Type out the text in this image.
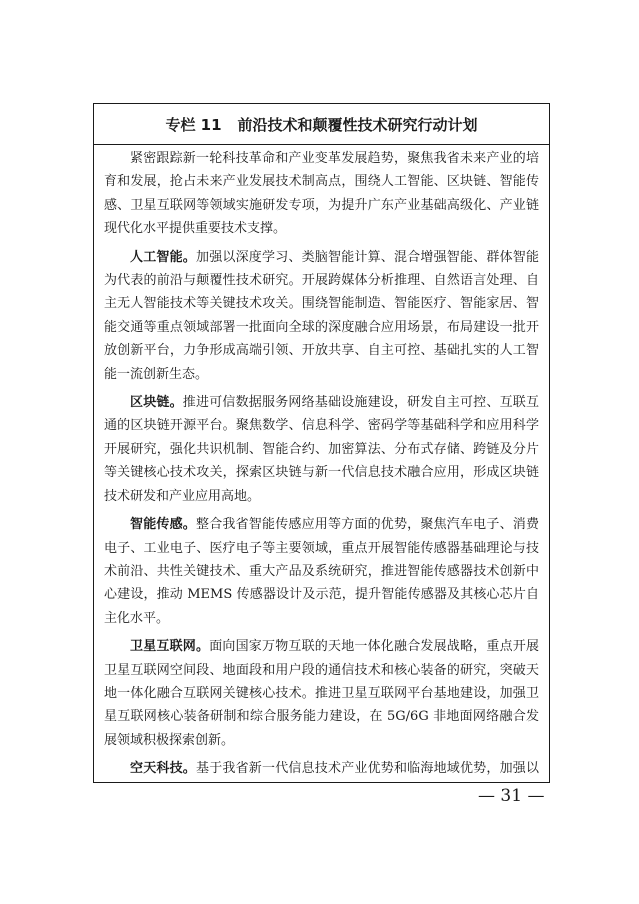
专栏 11 前沿技术和颠覆性技术研究行动计划

紧密跟踪新一轮科技革命和产业变革发展趋势，聚焦我省未来产业的培育和发展，抢占未来产业发展技术制高点，围绕人工智能、区块链、智能传感、卫星互联网等领域实施研发专项，为提升广东产业基础高级化、产业链现代化水平提供重要技术支撑。

人工智能。加强以深度学习、类脑智能计算、混合增强智能、群体智能为代表的前沿与颠覆性技术研究。开展跨媒体分析推理、自然语言处理、自主无人智能技术等关键技术攻关。围绕智能制造、智能医疗、智能家居、智能交通等重点领域部署一批面向全球的深度融合应用场景，布局建设一批开放创新平台，力争形成高端引领、开放共享、自主可控、基础扎实的人工智能一流创新生态。

区块链。推进可信数据服务网络基础设施建设，研发自主可控、互联互通的区块链开源平台。聚焦数学、信息科学、密码学等基础科学和应用科学开展研究，强化共识机制、智能合约、加密算法、分布式存储、跨链及分片等关键核心技术攻关，探索区块链与新一代信息技术融合应用，形成区块链技术研发和产业应用高地。

智能传感。整合我省智能传感应用等方面的优势，聚焦汽车电子、消费电子、工业电子、医疗电子等主要领域，重点开展智能传感器基础理论与技术前沿、共性关键技术、重大产品及系统研究，推进智能传感器技术创新中心建设，推动 MEMS 传感器设计及示范，提升智能传感器及其核心芯片自主化水平。

卫星互联网。面向国家万物互联的天地一体化融合发展战略，重点开展卫星互联网空间段、地面段和用户段的通信技术和核心装备的研究，突破天地一体化融合互联网关键核心技术。推进卫星互联网平台基地建设，加强卫星互联网核心装备研制和综合服务能力建设，在 5G/6G 非地面网络融合发展领域积极探索创新。

空天科技。基于我省新一代信息技术产业优势和临海地域优势，加强以

— 31 —
